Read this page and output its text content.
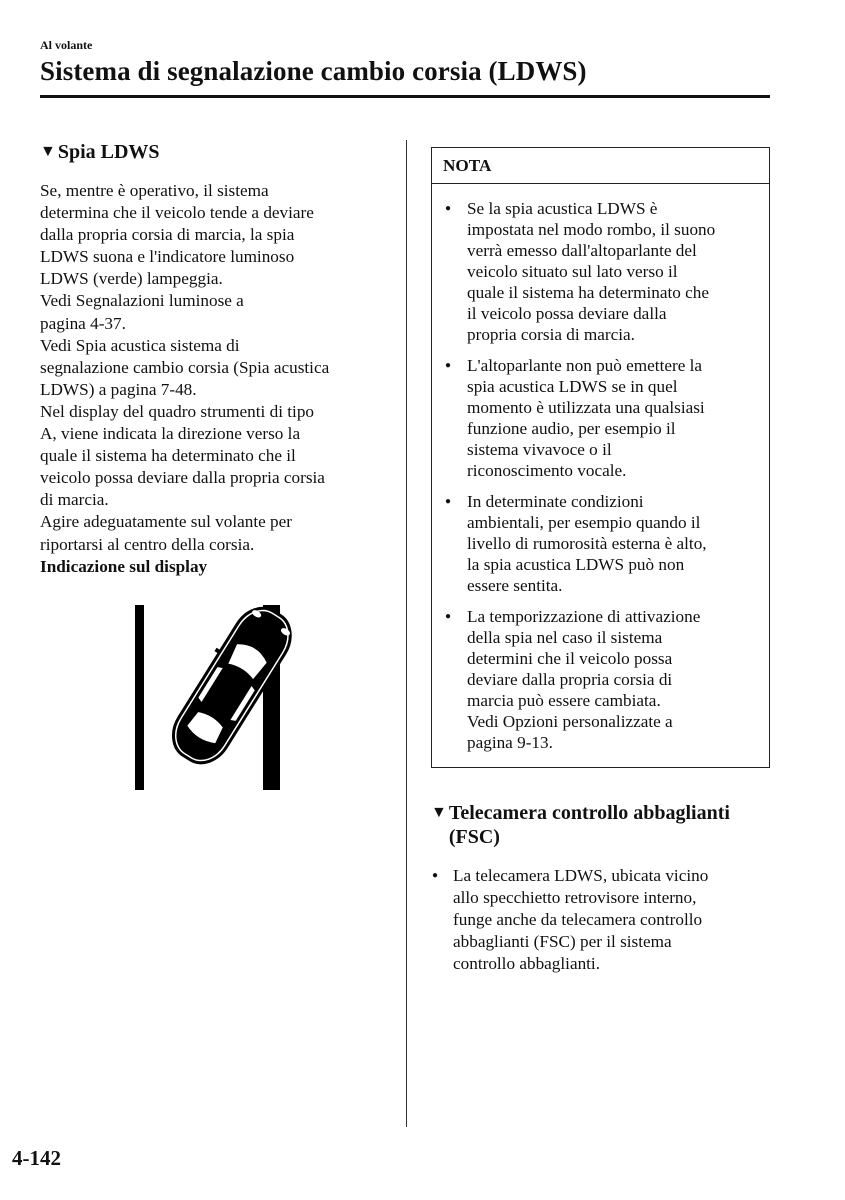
Al volante
Sistema di segnalazione cambio corsia (LDWS)
▼ Spia LDWS

Se, mentre è operativo, il sistema

determina che il veicolo tende a deviare

dalla propria corsia di marcia, la spia

LDWS suona e l'indicatore luminoso

LDWS (verde) lampeggia.

Vedi Segnalazioni luminose a

pagina 4-37.

Vedi Spia acustica sistema di

segnalazione cambio corsia (Spia acustica

LDWS) a pagina 7-48.

Nel display del quadro strumenti di tipo

A, viene indicata la direzione verso la

quale il sistema ha determinato che il

veicolo possa deviare dalla propria corsia

di marcia.

Agire adeguatamente sul volante per

riportarsi al centro della corsia.

Indicazione sul display

NOTA
● Se la spia acustica LDWS è
impostata nel modo rombo, il suono
verrà emesso dall'altoparlante del
veicolo situato sul lato verso il
quale il sistema ha determinato che
il veicolo possa deviare dalla
propria corsia di marcia.
● L'altoparlante non può emettere la
spia acustica LDWS se in quel
momento è utilizzata una qualsiasi
funzione audio, per esempio il
sistema vivavoce o il
riconoscimento vocale.
● In determinate condizioni
ambientali, per esempio quando il
livello di rumorosità esterna è alto,
la spia acustica LDWS può non
essere sentita.
● La temporizzazione di attivazione
della spia nel caso il sistema
determini che il veicolo possa
deviare dalla propria corsia di
marcia può essere cambiata.
Vedi Opzioni personalizzate a
pagina 9-13.
▼ Telecamera controllo abbaglianti
(FSC)
● La telecamera LDWS, ubicata vicino
allo specchietto retrovisore interno,
funge anche da telecamera controllo
abbaglianti (FSC) per il sistema
controllo abbaglianti.
4-142
